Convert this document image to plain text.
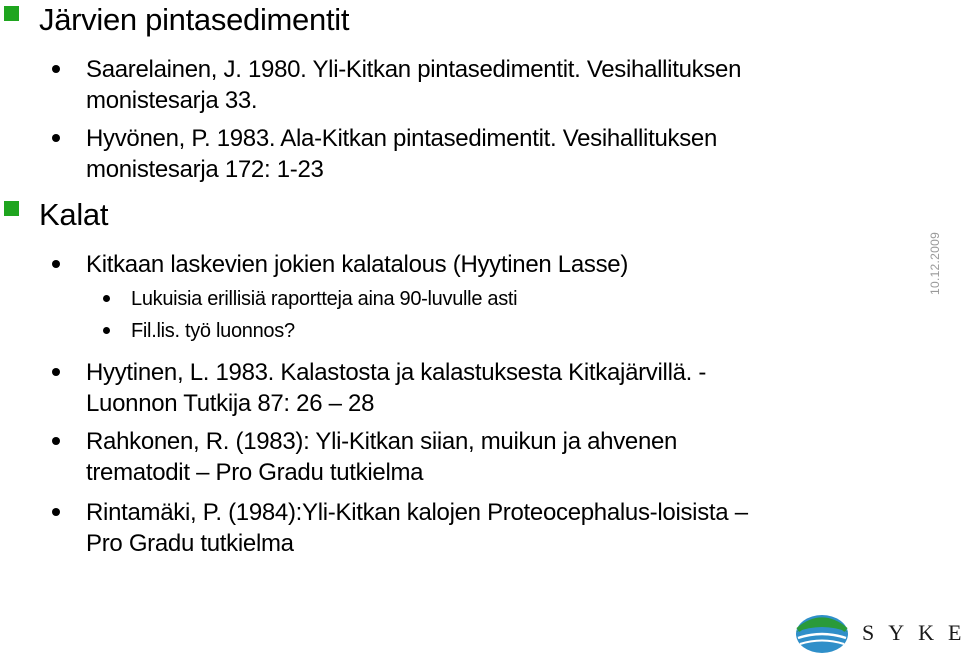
Järvien pintasedimentit
Saarelainen, J. 1980. Yli-Kitkan pintasedimentit. Vesihallituksen
monistesarja 33.
Hyvönen, P. 1983. Ala-Kitkan pintasedimentit. Vesihallituksen
monistesarja 172: 1-23
Kalat
Kitkaan laskevien jokien kalatalous (Hyytinen Lasse)
Lukuisia erillisiä raportteja aina 90-luvulle asti
Fil.lis. työ luonnos?
Hyytinen, L. 1983. Kalastosta ja kalastuksesta Kitkajärvillä. -
Luonnon Tutkija 87: 26 – 28
Rahkonen, R. (1983): Yli-Kitkan siian, muikun ja ahvenen
trematodit – Pro Gradu tutkielma
Rintamäki, P. (1984):Yli-Kitkan kalojen Proteocephalus-loisista –
Pro Gradu tutkielma
10.12.2009
SYKE
